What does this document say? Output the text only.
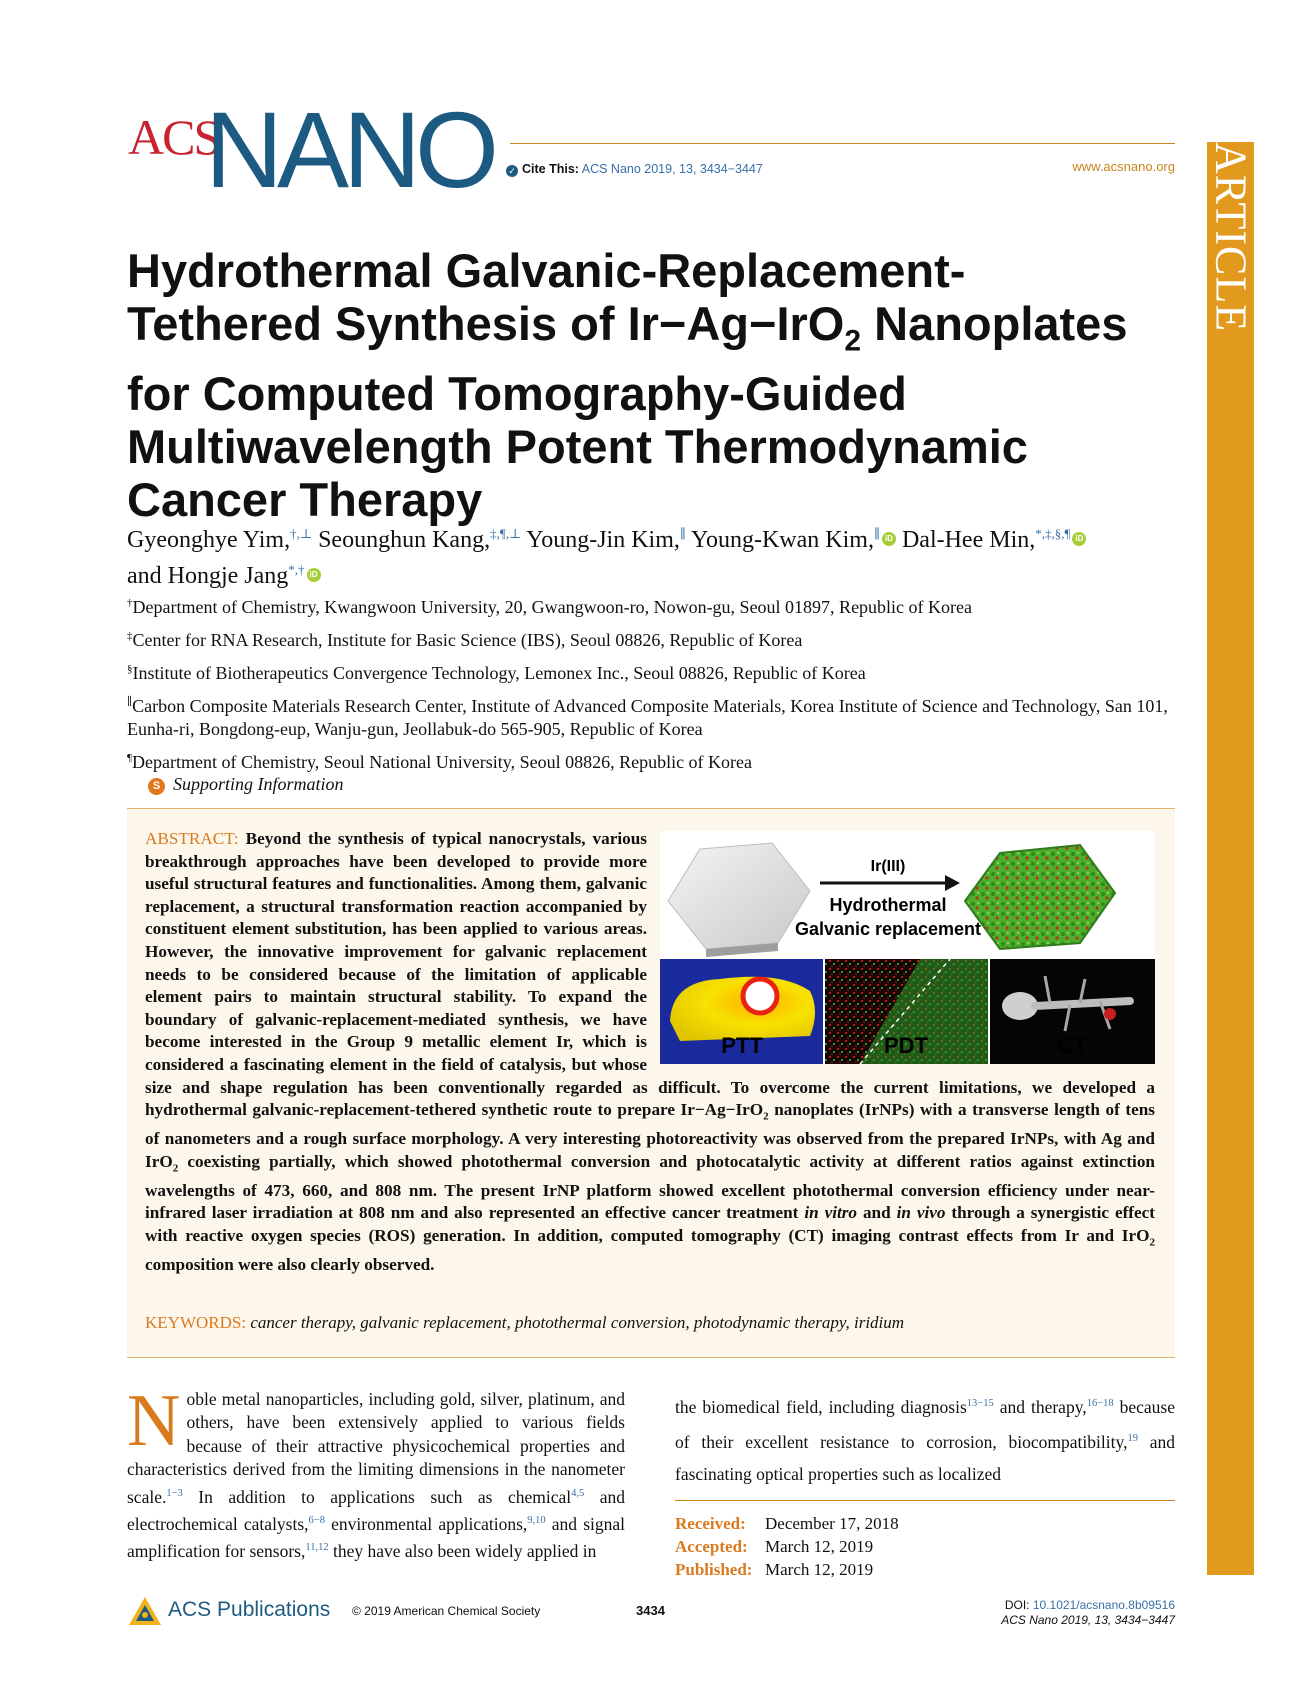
ACS
NANO ✓ Cite This: ACS Nano 2019, 13, 3434−3447	www.acsnano.org ARTICLE
Hydrothermal Galvanic-Replacement-
Tethered Synthesis of Ir−Ag−IrO$_2$ Nanoplates
for Computed Tomography-Guided
Multiwavelength Potent Thermodynamic
Cancer Therapy
Gyeonghye Yim,†,⊥ Seounghun Kang,‡,¶,⊥ Young-Jin Kim,∥ Young-Kwan Kim,∥ iD Dal-Hee Min,*,‡,§,¶ iD
and Hongje Jang*,† iD

†Department of Chemistry, Kwangwoon University, 20, Gwangwoon-ro, Nowon-gu, Seoul 01897, Republic of Korea

‡Center for RNA Research, Institute for Basic Science (IBS), Seoul 08826, Republic of Korea

§Institute of Biotherapeutics Convergence Technology, Lemonex Inc., Seoul 08826, Republic of Korea

∥Carbon Composite Materials Research Center, Institute of Advanced Composite Materials, Korea Institute of Science and Technology, San 101, Eunha-ri, Bongdong-eup, Wanju-gun, Jeollabuk-do 565-905, Republic of Korea

¶Department of Chemistry, Seoul National University, Seoul 08826, Republic of Korea

S Supporting Information
ABSTRACT: Beyond the synthesis of typical nanocrystals, various breakthrough approaches have been developed to provide more useful structural features and functionalities. Among them, galvanic replacement, a structural transformation reaction accompanied by constituent element substitution, has been applied to various areas. However, the innovative improvement for galvanic replacement needs to be considered because of the limitation of applicable element pairs to maintain structural stability. To expand the boundary of galvanic-replacement-mediated synthesis, we have become interested in the Group 9 metallic element Ir, which is considered a fascinating element in the field of catalysis, but whose size and shape regulation has been conventionally regarded as difficult. To overcome the current limitations, we developed a hydrothermal galvanic-replacement-tethered synthetic route to prepare Ir−Ag−IrO$_2$ nanoplates (IrNPs) with a transverse length of tens of nanometers and a rough surface morphology. A very interesting photoreactivity was observed from the prepared IrNPs, with Ag and IrO$_2$ coexisting partially, which showed photothermal conversion and photocatalytic activity at different ratios against extinction wavelengths of 473, 660, and 808 nm. The present IrNP platform showed excellent photothermal conversion efficiency under near-infrared laser irradiation at 808 nm and also represented an effective cancer treatment in vitro and in vivo through a synergistic effect with reactive oxygen species (ROS) generation. In addition, computed tomography (CT) imaging contrast effects from Ir and IrO$_2$ composition were also clearly observed.
KEYWORDS: cancer therapy, galvanic replacement, photothermal conversion, photodynamic therapy, iridium
Ir(III)
Hydrothermal
Galvanic replacement
PTT	PDT	CT
Noble metal nanoparticles, including gold, silver, platinum, and others, have been extensively applied to various fields because of their attractive physicochemical properties and characteristics derived from the limiting dimensions in the nanometer scale.$^{1-3}$ In addition to applications such as chemical$^{4,5}$ and electrochemical catalysts,$^{6-8}$ environmental applications,$^{9,10}$ and signal amplification for sensors,$^{11,12}$ they have also been widely applied in
the biomedical field, including diagnosis$^{13-15}$ and therapy,$^{16-18}$ because of their excellent resistance to corrosion, biocompatibility,$^{19}$ and fascinating optical properties such as localized
Received: December 17, 2018
Accepted: March 12, 2019
Published: March 12, 2019
ACS Publications © 2019 American Chemical Society	3434	DOI: 10.1021/acsnano.8b09516
ACS Nano 2019, 13, 3434−3447
